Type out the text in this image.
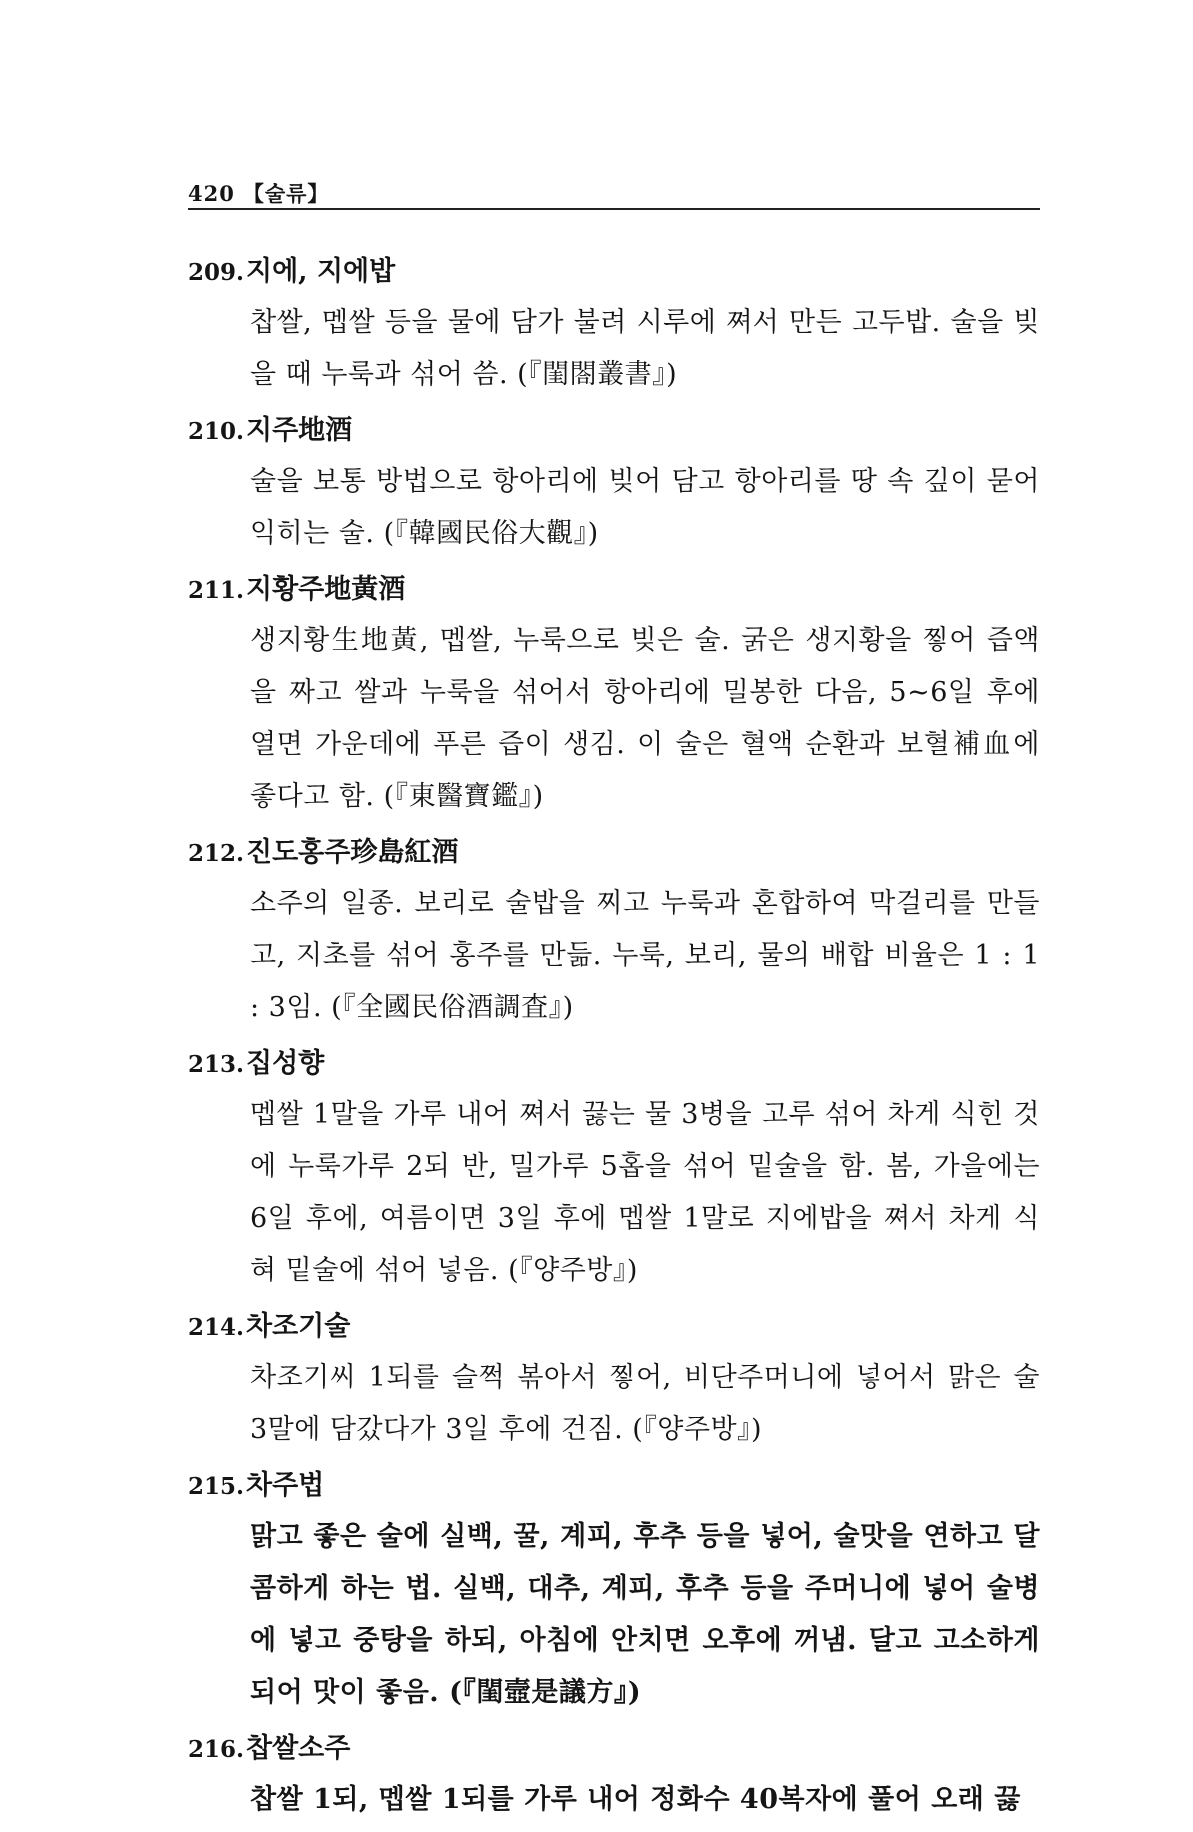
420 【술류】
209.지에, 지에밥
찹쌀, 멥쌀 등을 물에 담가 불려 시루에 쪄서 만든 고두밥. 술을 빚을 때 누룩과 섞어 씀. (『閨閤叢書』)
210.지주地酒
술을 보통 방법으로 항아리에 빚어 담고 항아리를 땅 속 깊이 묻어 익히는 술. (『韓國民俗大觀』)
211.지황주地黃酒
생지황生地黃, 멥쌀, 누룩으로 빚은 술. 굵은 생지황을 찧어 즙액을 짜고 쌀과 누룩을 섞어서 항아리에 밀봉한 다음, 5~6일 후에 열면 가운데에 푸른 즙이 생김. 이 술은 혈액 순환과 보혈補血에 좋다고 함. (『東醫寶鑑』)
212.진도홍주珍島紅酒
소주의 일종. 보리로 술밥을 찌고 누룩과 혼합하여 막걸리를 만들고, 지초를 섞어 홍주를 만듦. 누룩, 보리, 물의 배합 비율은 1 : 1 : 3임. (『全國民俗酒調査』)
213.집성향
멥쌀 1말을 가루 내어 쪄서 끓는 물 3병을 고루 섞어 차게 식힌 것에 누룩가루 2되 반, 밀가루 5홉을 섞어 밑술을 함. 봄, 가을에는 6일 후에, 여름이면 3일 후에 멥쌀 1말로 지에밥을 쪄서 차게 식혀 밑술에 섞어 넣음. (『양주방』)
214.차조기술
차조기씨 1되를 슬쩍 볶아서 찧어, 비단주머니에 넣어서 맑은 술 3말에 담갔다가 3일 후에 건짐. (『양주방』)
215.차주법
맑고 좋은 술에 실백, 꿀, 계피, 후추 등을 넣어, 술맛을 연하고 달콤하게 하는 법. 실백, 대추, 계피, 후추 등을 주머니에 넣어 술병에 넣고 중탕을 하되, 아침에 안치면 오후에 꺼냄. 달고 고소하게 되어 맛이 좋음. (『閨壼是議方』)
216.찹쌀소주
찹쌀 1되, 멥쌀 1되를 가루 내어 정화수 40복자에 풀어 오래 끓
